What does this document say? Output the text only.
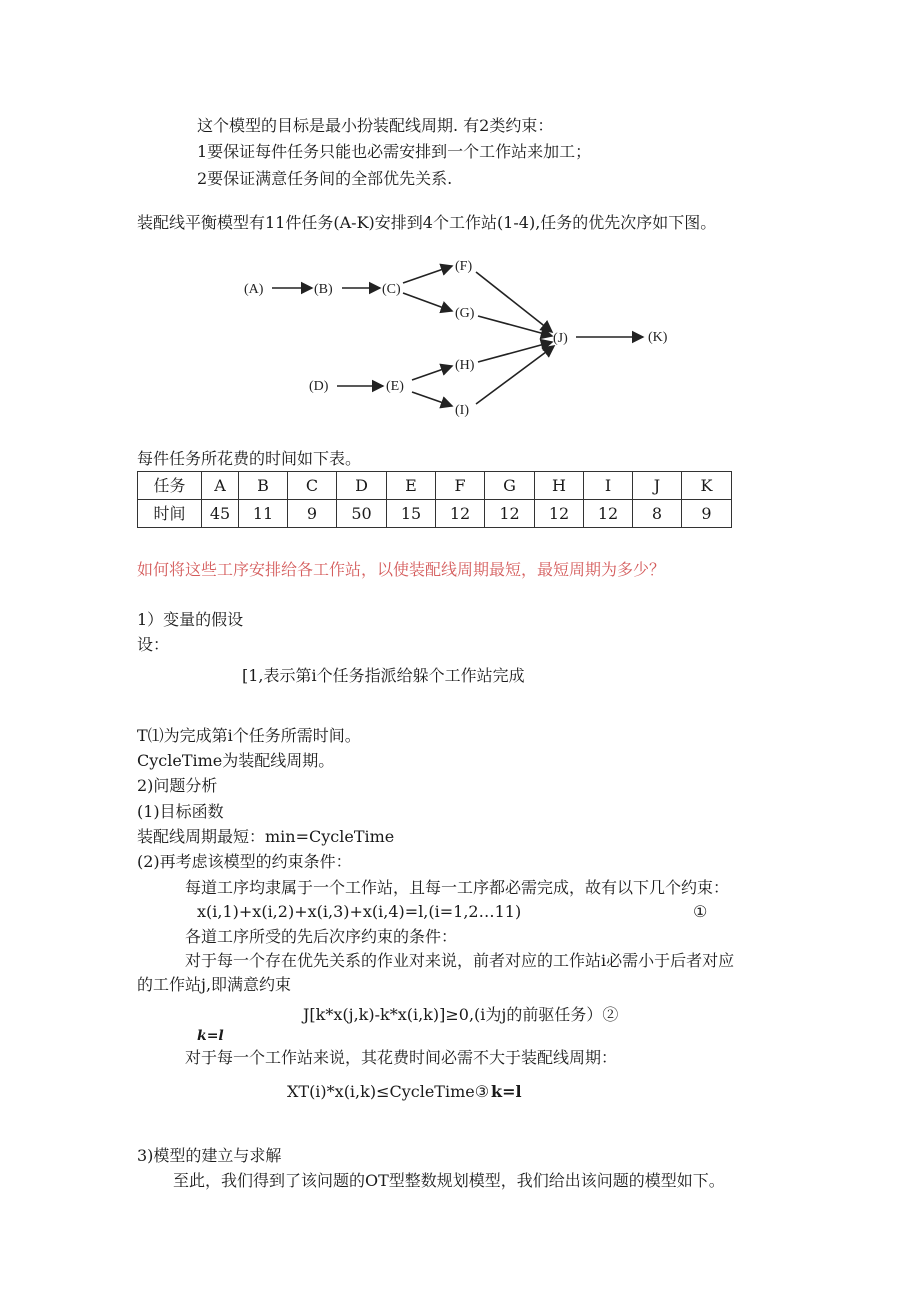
这个模型的目标是最小扮装配线周期. 有2类约束：
1要保证每件任务只能也必需安排到一个工作站来加工；
2要保证满意任务间的全部优先关系.
装配线平衡模型有11件任务(A-K)安排到4个工作站(1-4),任务的优先次序如下图。
(A)	(B)	(C)
(F)
(G)
(J)	(K)
(D)	(E)
(H)
(I)
每件任务所花费的时间如下表。
任务	A	B	C	D	E	F	G	H	I	J	K
时间	45	11	9	50	15	12	12	12	12	8	9
如何将这些工序安排给各工作站，以使装配线周期最短，最短周期为多少？
1）变量的假设
设：
[1,表示第i个任务指派给躲个工作站完成
T⑴为完成第i个任务所需时间。
CycleTime为装配线周期。
2)问题分析
(1)目标函数
装配线周期最短：min=CycleTime
(2)再考虑该模型的约束条件：
每道工序均隶属于一个工作站，且每一工序都必需完成，故有以下几个约束：
x(i,1)+x(i,2)+x(i,3)+x(i,4)=l,(i=1,2…11)	①
各道工序所受的先后次序约束的条件：
对于每一个存在优先关系的作业对来说，前者对应的工作站i必需小于后者对应
的工作站j,即满意约束
J[k*x(j,k)-k*x(i,k)]≥0,(i为j的前驱任务）②
k=l
对于每一个工作站来说，其花费时间必需不大于装配线周期：
XT(i)*x(i,k)≤CycleTime③ k=l
3)模型的建立与求解
至此，我们得到了该问题的OT型整数规划模型，我们给出该问题的模型如下。
